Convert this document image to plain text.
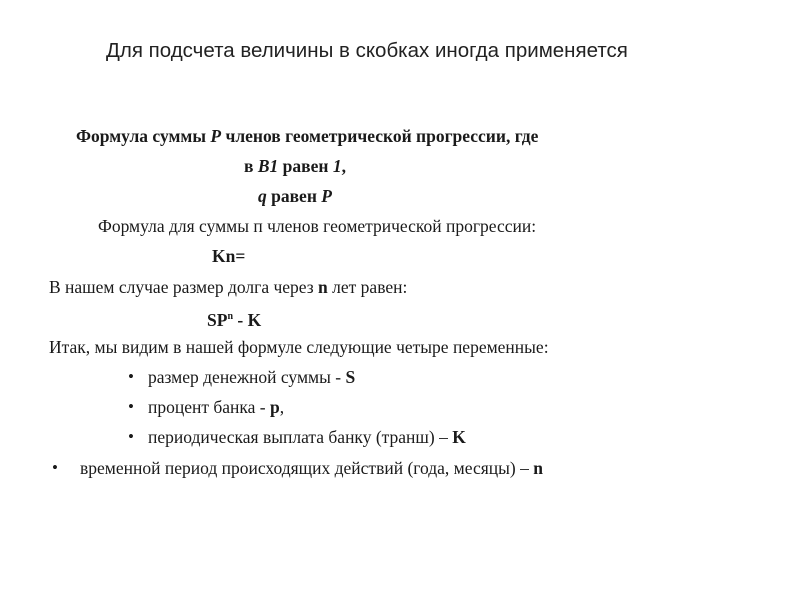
Для подсчета величины в скобках иногда применяется
Формула суммы P членов геометрической прогрессии, где
в B1 равен 1,
q равен P
Формула для суммы п членов геометрической прогрессии:
Kn=
В нашем случае размер долга через n лет равен:
$SP^n$ - K
Итак, мы видим в нашей формуле следующие четыре переменные:
• размер денежной суммы - S
• процент банка - p,
• периодическая выплата банку (транш) – K
• временной период происходящих действий (года, месяцы) – n
